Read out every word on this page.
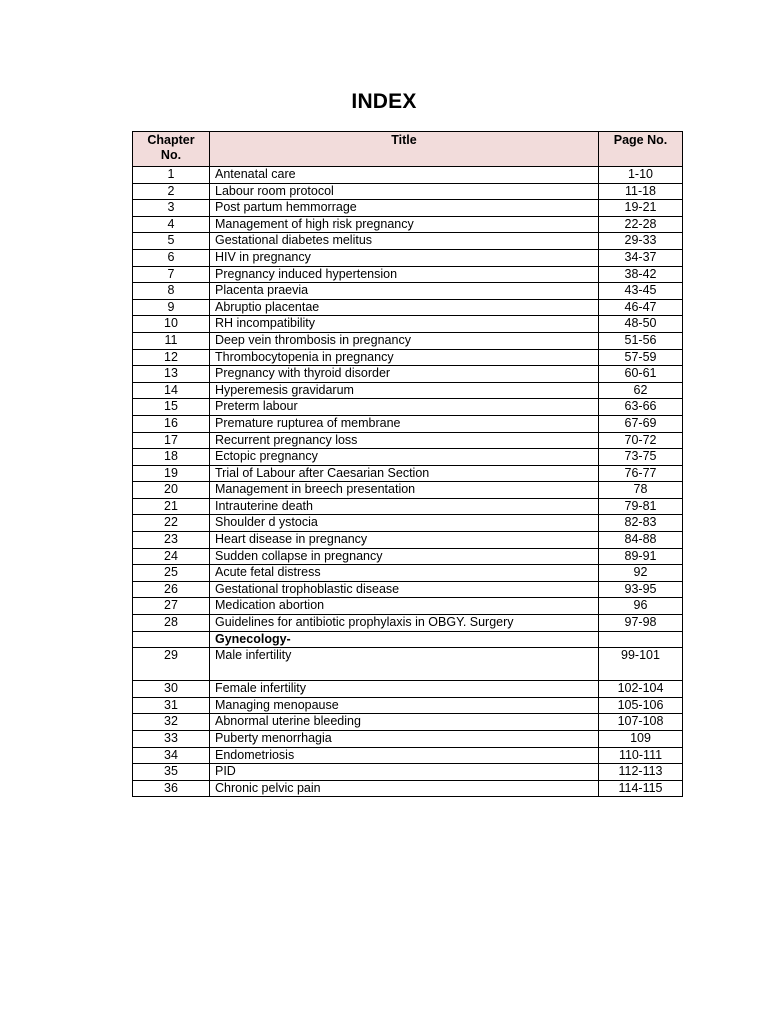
INDEX
Chapter No.	Title	Page No.
1	Antenatal care	1-10
2	Labour room protocol	11-18
3	Post partum hemmorrage	19-21
4	Management of high risk pregnancy	22-28
5	Gestational diabetes melitus	29-33
6	HIV in pregnancy	34-37
7	Pregnancy induced hypertension	38-42
8	Placenta praevia	43-45
9	Abruptio placentae	46-47
10	RH incompatibility	48-50
11	Deep vein thrombosis in pregnancy	51-56
12	Thrombocytopenia in pregnancy	57-59
13	Pregnancy with thyroid disorder	60-61
14	Hyperemesis gravidarum	62
15	Preterm labour	63-66
16	Premature rupturea of membrane	67-69
17	Recurrent pregnancy loss	70-72
18	Ectopic pregnancy	73-75
19	Trial of Labour after Caesarian Section	76-77
20	Management in breech presentation	78
21	Intrauterine death	79-81
22	Shoulder d ystocia	82-83
23	Heart disease in pregnancy	84-88
24	Sudden collapse in pregnancy	89-91
25	Acute fetal distress	92
26	Gestational trophoblastic disease	93-95
27	Medication abortion	96
28	Guidelines for antibiotic prophylaxis in OBGY. Surgery	97-98
	Gynecology-	
29	Male infertility	99-101
30	Female infertility	102-104
31	Managing menopause	105-106
32	Abnormal uterine bleeding	107-108
33	Puberty menorrhagia	109
34	Endometriosis	110-111
35	PID	112-113
36	Chronic pelvic pain	114-115
